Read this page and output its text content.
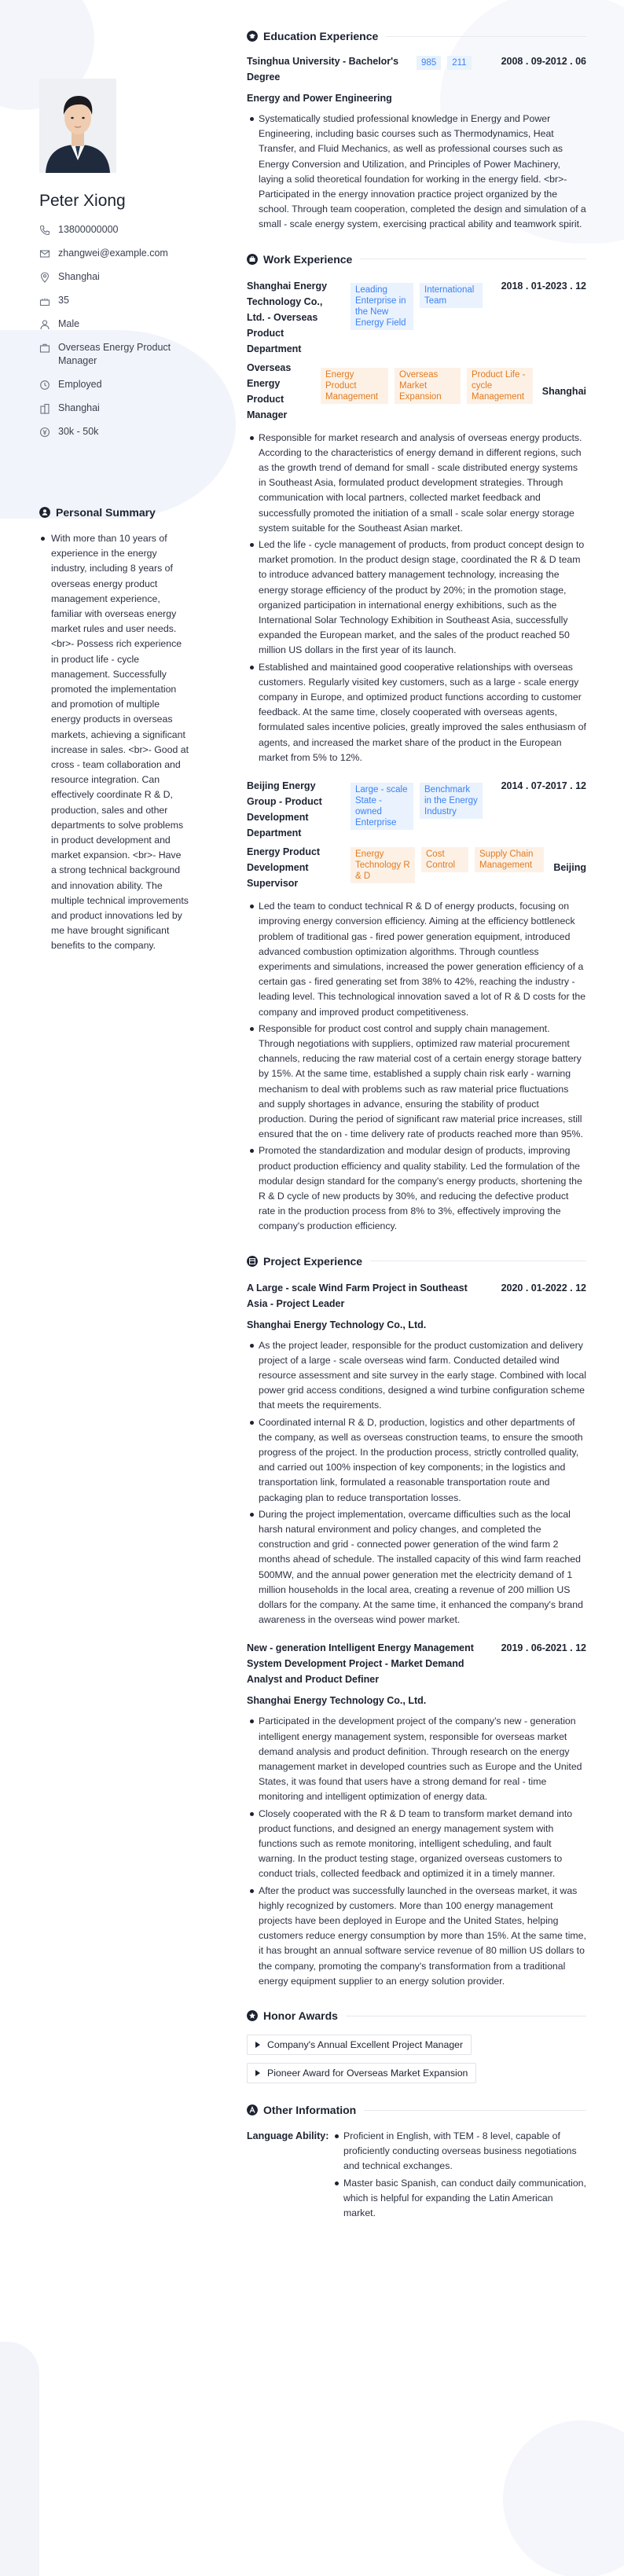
Peter Xiong
13800000000
zhangwei@example.com
Shanghai
35
Male
Overseas Energy Product Manager
Employed
Shanghai
30k - 50k
Personal Summary
With more than 10 years of experience in the energy industry, including 8 years of overseas energy product management experience, familiar with overseas energy market rules and user needs. <br>- Possess rich experience in product life - cycle management. Successfully promoted the implementation and promotion of multiple energy products in overseas markets, achieving a significant increase in sales. <br>- Good at cross - team collaboration and resource integration. Can effectively coordinate R & D, production, sales and other departments to solve problems in product development and market expansion. <br>- Have a strong technical background and innovation ability. The multiple technical improvements and product innovations led by me have brought significant benefits to the company.
Education Experience
Tsinghua University - Bachelor's Degree
985	211	2008 . 09-2012 . 06
Energy and Power Engineering
Systematically studied professional knowledge in Energy and Power Engineering, including basic courses such as Thermodynamics, Heat Transfer, and Fluid Mechanics, as well as professional courses such as Energy Conversion and Utilization, and Principles of Power Machinery, laying a solid theoretical foundation for working in the energy field. <br>- Participated in the energy innovation practice project organized by the school. Through team cooperation, completed the design and simulation of a small - scale energy system, exercising practical ability and teamwork spirit.
Work Experience
Shanghai Energy Technology Co., Ltd. - Overseas Product Department
Leading Enterprise in the New Energy Field
International Team
2018 . 01-2023 . 12
Overseas Energy Product Manager
Energy Product Management
Overseas Market Expansion
Product Life - cycle Management	Shanghai
Responsible for market research and analysis of overseas energy products. According to the characteristics of energy demand in different regions, such as the growth trend of demand for small - scale distributed energy systems in Southeast Asia, formulated product development strategies. Through communication with local partners, collected market feedback and successfully promoted the initiation of a small - scale solar energy storage system suitable for the Southeast Asian market.
Led the life - cycle management of products, from product concept design to market promotion. In the product design stage, coordinated the R & D team to introduce advanced battery management technology, increasing the energy storage efficiency of the product by 20%; in the promotion stage, organized participation in international energy exhibitions, such as the International Solar Technology Exhibition in Southeast Asia, successfully expanded the European market, and the sales of the product reached 50 million US dollars in the first year of its launch.
Established and maintained good cooperative relationships with overseas customers. Regularly visited key customers, such as a large - scale energy company in Europe, and optimized product functions according to customer feedback. At the same time, closely cooperated with overseas agents, formulated sales incentive policies, greatly improved the sales enthusiasm of agents, and increased the market share of the product in the European market from 5% to 12%.
Beijing Energy Group - Product Development Department
Large - scale State - owned Enterprise
Benchmark in the Energy Industry
2014 . 07-2017 . 12
Energy Product Development Supervisor
Energy Technology R & D
Cost Control
Supply Chain Management	Beijing
Led the team to conduct technical R & D of energy products, focusing on improving energy conversion efficiency. Aiming at the efficiency bottleneck problem of traditional gas - fired power generation equipment, introduced advanced combustion optimization algorithms. Through countless experiments and simulations, increased the power generation efficiency of a certain gas - fired generating set from 38% to 42%, reaching the industry - leading level. This technological innovation saved a lot of R & D costs for the company and improved product competitiveness.
Responsible for product cost control and supply chain management. Through negotiations with suppliers, optimized raw material procurement channels, reducing the raw material cost of a certain energy storage battery by 15%. At the same time, established a supply chain risk early - warning mechanism to deal with problems such as raw material price fluctuations and supply shortages in advance, ensuring the stability of product production. During the period of significant raw material price increases, still ensured that the on - time delivery rate of products reached more than 95%.
Promoted the standardization and modular design of products, improving product production efficiency and quality stability. Led the formulation of the modular design standard for the company's energy products, shortening the R & D cycle of new products by 30%, and reducing the defective product rate in the production process from 8% to 3%, effectively improving the company's production efficiency.
Project Experience
A Large - scale Wind Farm Project in Southeast Asia - Project Leader
2020 . 01-2022 . 12
Shanghai Energy Technology Co., Ltd.
As the project leader, responsible for the product customization and delivery project of a large - scale overseas wind farm. Conducted detailed wind resource assessment and site survey in the early stage. Combined with local power grid access conditions, designed a wind turbine configuration scheme that meets the requirements.
Coordinated internal R & D, production, logistics and other departments of the company, as well as overseas construction teams, to ensure the smooth progress of the project. In the production process, strictly controlled quality, and carried out 100% inspection of key components; in the logistics and transportation link, formulated a reasonable transportation route and packaging plan to reduce transportation losses.
During the project implementation, overcame difficulties such as the local harsh natural environment and policy changes, and completed the construction and grid - connected power generation of the wind farm 2 months ahead of schedule. The installed capacity of this wind farm reached 500MW, and the annual power generation met the electricity demand of 1 million households in the local area, creating a revenue of 200 million US dollars for the company. At the same time, it enhanced the company's brand awareness in the overseas wind power market.
New - generation Intelligent Energy Management System Development Project - Market Demand Analyst and Product Definer
2019 . 06-2021 . 12
Shanghai Energy Technology Co., Ltd.
Participated in the development project of the company's new - generation intelligent energy management system, responsible for overseas market demand analysis and product definition. Through research on the energy management market in developed countries such as Europe and the United States, it was found that users have a strong demand for real - time monitoring and intelligent optimization of energy data.
Closely cooperated with the R & D team to transform market demand into product functions, and designed an energy management system with functions such as remote monitoring, intelligent scheduling, and fault warning. In the product testing stage, organized overseas customers to conduct trials, collected feedback and optimized it in a timely manner.
After the product was successfully launched in the overseas market, it was highly recognized by customers. More than 100 energy management projects have been deployed in Europe and the United States, helping customers reduce energy consumption by more than 15%. At the same time, it has brought an annual software service revenue of 80 million US dollars to the company, promoting the company's transformation from a traditional energy equipment supplier to an energy solution provider.
Honor Awards
Company's Annual Excellent Project Manager
Pioneer Award for Overseas Market Expansion
Other Information
Language Ability:	Proficient in English, with TEM - 8 level, capable of proficiently conducting overseas business negotiations and technical exchanges.
Master basic Spanish, can conduct daily communication, which is helpful for expanding the Latin American market.
